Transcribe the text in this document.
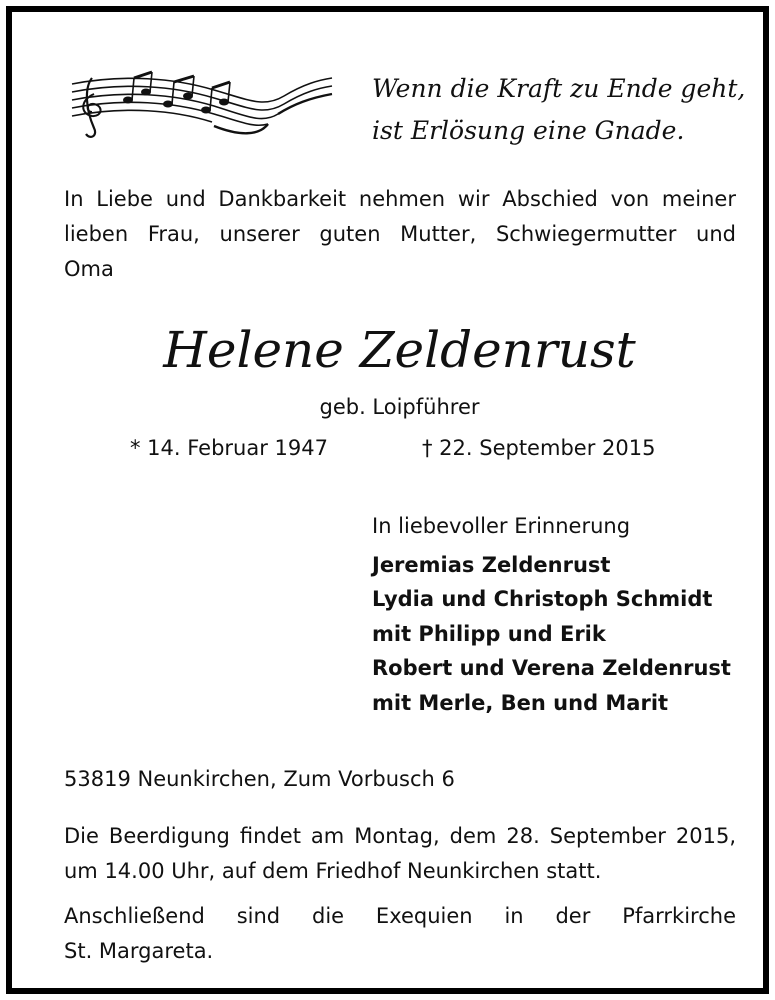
Wenn die Kraft zu Ende geht,
ist Erlösung eine Gnade.
In Liebe und Dankbarkeit nehmen wir Abschied von meiner
lieben Frau, unserer guten Mutter, Schwiegermutter und
Oma
Helene Zeldenrust
geb. Loipführer
* 14. Februar 1947	† 22. September 2015
In liebevoller Erinnerung
Jeremias Zeldenrust
Lydia und Christoph Schmidt
mit Philipp und Erik
Robert und Verena Zeldenrust
mit Merle, Ben und Marit
53819 Neunkirchen, Zum Vorbusch 6

Die Beerdigung findet am Montag, dem 28. September 2015,
um 14.00 Uhr, auf dem Friedhof Neunkirchen statt.

Anschließend sind die Exequien in der Pfarrkirche
St. Margareta.
